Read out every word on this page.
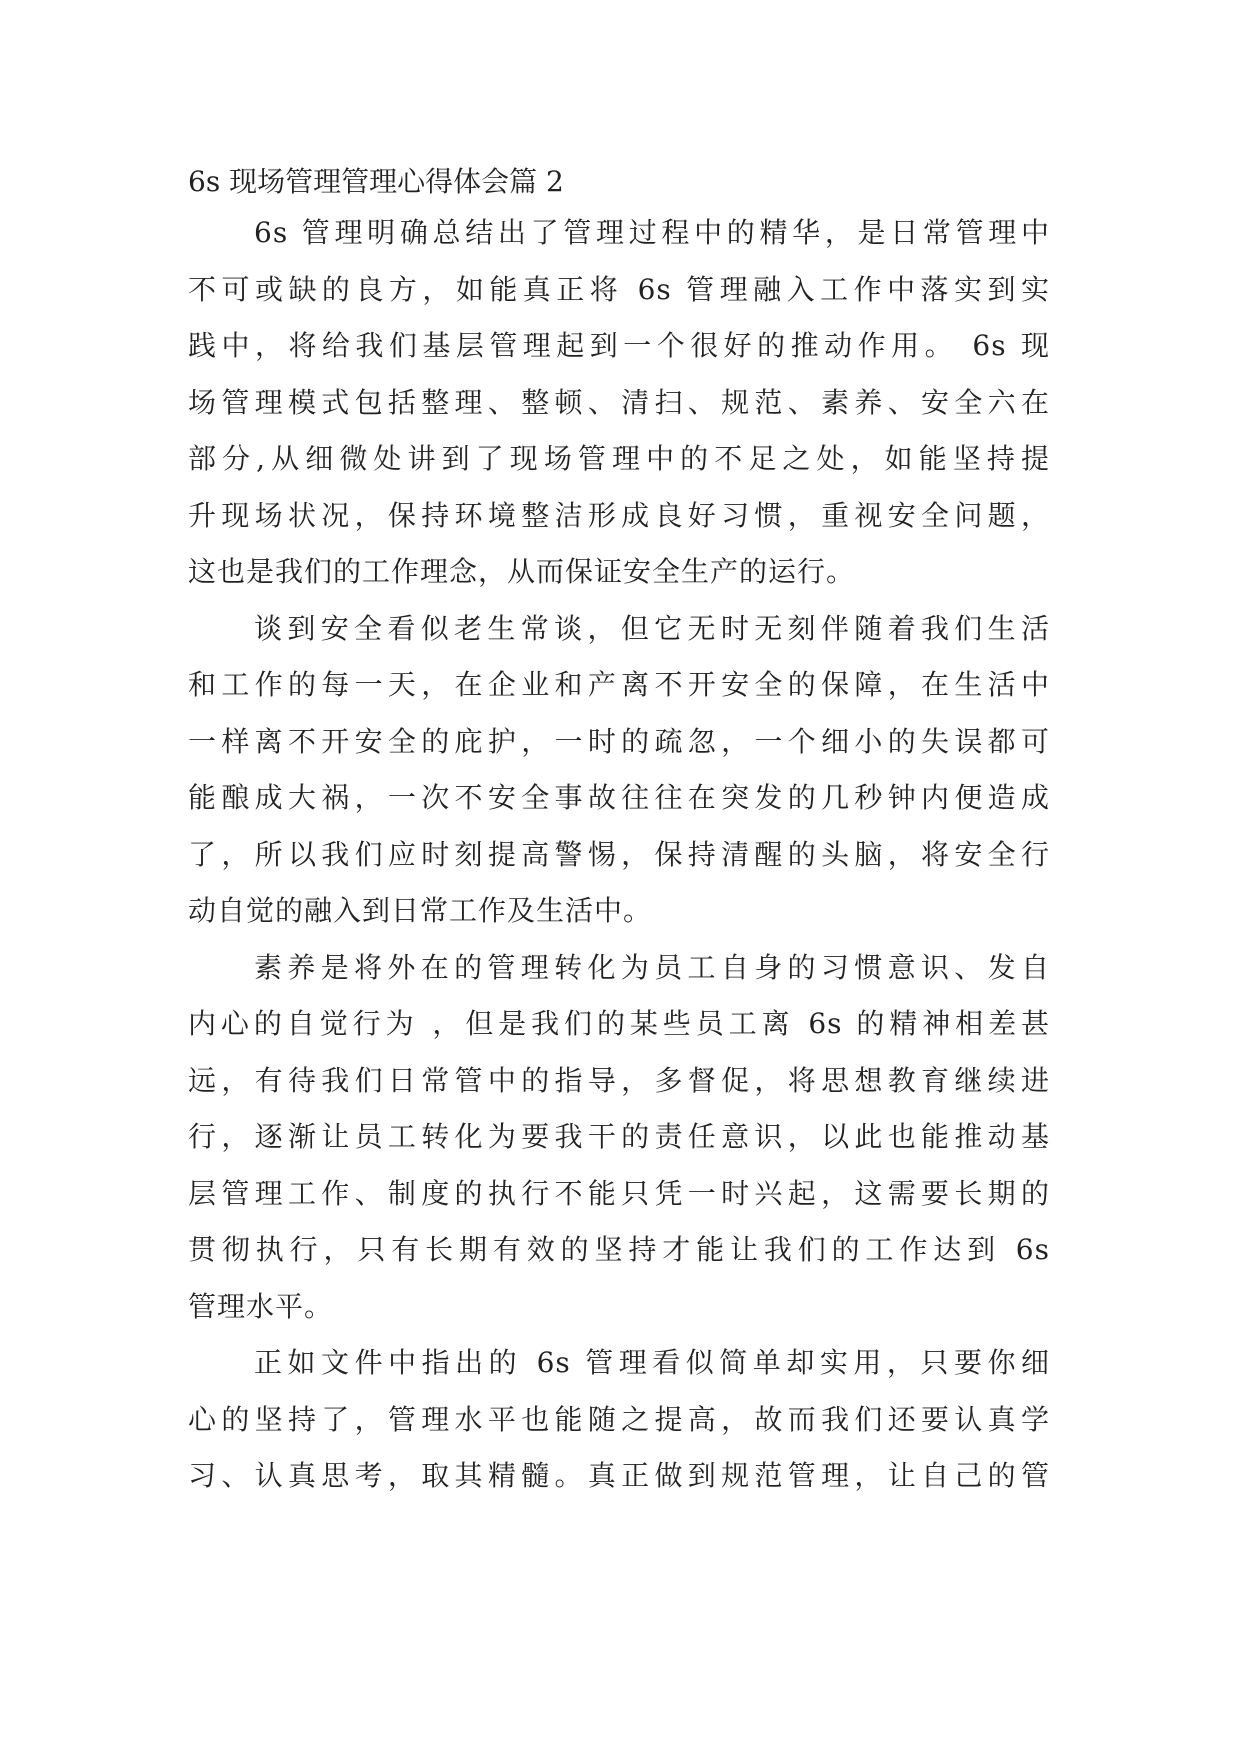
6s 现场管理管理心得体会篇 2

6s 管理明确总结出了管理过程中的精华，是日常管理中
不可或缺的良方，如能真正将 6s 管理融入工作中落实到实
践中，将给我们基层管理起到一个很好的推动作用。 6s 现
场管理模式包括整理、整顿、清扫、规范、素养、安全六在
部分,从细微处讲到了现场管理中的不足之处，如能坚持提
升现场状况，保持环境整洁形成良好习惯，重视安全问题，
这也是我们的工作理念，从而保证安全生产的运行。

谈到安全看似老生常谈，但它无时无刻伴随着我们生活
和工作的每一天，在企业和产离不开安全的保障，在生活中
一样离不开安全的庇护，一时的疏忽，一个细小的失误都可
能酿成大祸，一次不安全事故往往在突发的几秒钟内便造成
了，所以我们应时刻提高警惕，保持清醒的头脑，将安全行
动自觉的融入到日常工作及生活中。

素养是将外在的管理转化为员工自身的习惯意识、发自
内心的自觉行为 ，但是我们的某些员工离 6s 的精神相差甚
远，有待我们日常管中的指导，多督促，将思想教育继续进
行，逐渐让员工转化为要我干的责任意识，以此也能推动基
层管理工作、制度的执行不能只凭一时兴起，这需要长期的
贯彻执行，只有长期有效的坚持才能让我们的工作达到 6s
管理水平。

正如文件中指出的 6s 管理看似简单却实用，只要你细
心的坚持了，管理水平也能随之提高，故而我们还要认真学
习、认真思考，取其精髓。真正做到规范管理，让自己的管
